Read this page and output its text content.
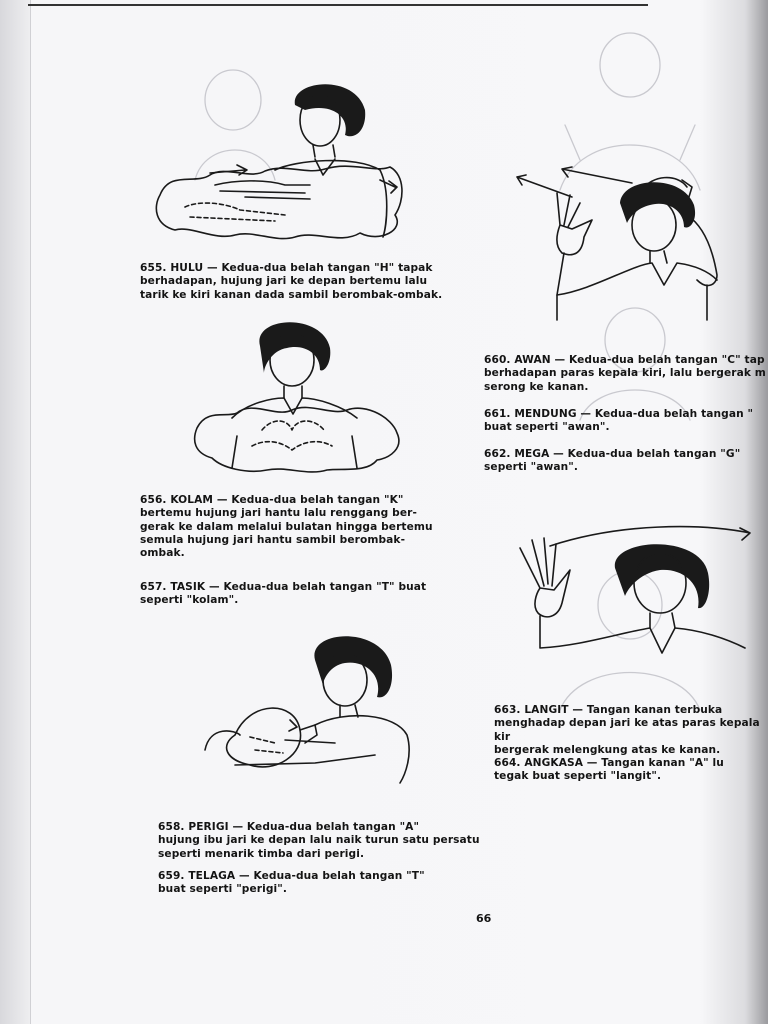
655. HULU — Kedua-dua belah tangan "H" tapak

berhadapan, hujung jari ke depan bertemu lalu

tarik ke kiri kanan dada sambil berombak-ombak.

656. KOLAM — Kedua-dua belah tangan "K"

bertemu hujung jari hantu lalu renggang ber-

gerak ke dalam melalui bulatan hingga bertemu

semula hujung jari hantu sambil berombak-

ombak.

657. TASIK — Kedua-dua belah tangan "T" buat

seperti "kolam".

658. PERIGI — Kedua-dua belah tangan "A"

hujung ibu jari ke depan lalu naik turun satu persatu

seperti menarik timba dari perigi.

659. TELAGA — Kedua-dua belah tangan "T"

buat seperti "perigi".

660. AWAN — Kedua-dua belah tangan "C" tap

berhadapan paras kepala kiri, lalu bergerak m

serong ke kanan.

661. MENDUNG — Kedua-dua belah tangan "

buat seperti "awan".

662. MEGA — Kedua-dua belah tangan "G"

seperti "awan".

663. LANGIT — Tangan kanan terbuka

menghadap depan jari ke atas paras kepala kir

bergerak melengkung atas ke kanan.

664. ANGKASA — Tangan kanan "A" lu

tegak buat seperti "langit".

66
